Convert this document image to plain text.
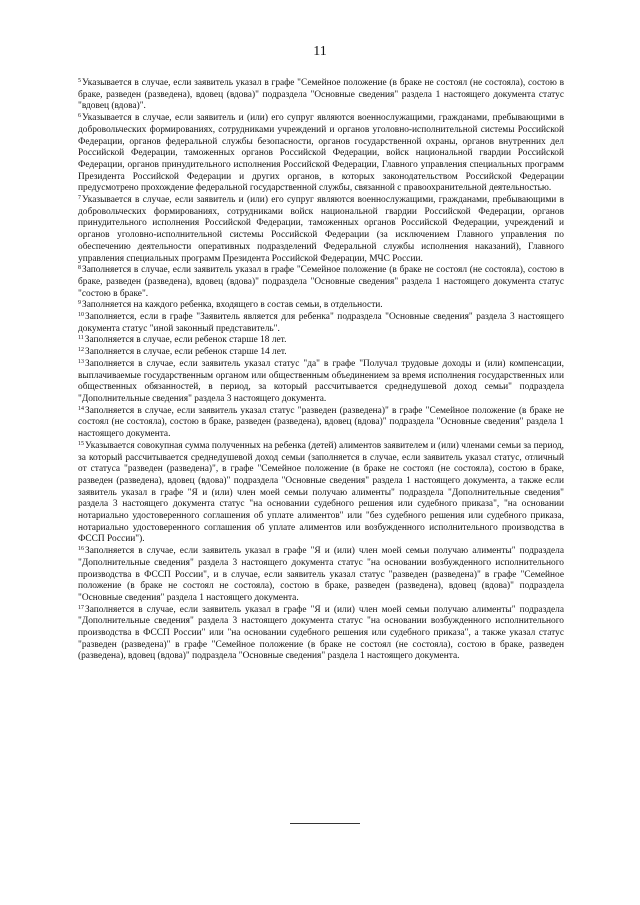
11

$^5$Указывается в случае, если заявитель указал в графе "Семейное положение (в браке не состоял (не состояла), состою в браке, разведен (разведена), вдовец (вдова)" подраздела "Основные сведения" раздела 1 настоящего документа статус "вдовец (вдова)".

$^6$Указывается в случае, если заявитель и (или) его супруг являются военнослужащими, гражданами, пребывающими в добровольческих формированиях, сотрудниками учреждений и органов уголовно-исполнительной системы Российской Федерации, органов федеральной службы безопасности, органов государственной охраны, органов внутренних дел Российской Федерации, таможенных органов Российской Федерации, войск национальной гвардии Российской Федерации, органов принудительного исполнения Российской Федерации, Главного управления специальных программ Президента Российской Федерации и других органов, в которых законодательством Российской Федерации предусмотрено прохождение федеральной государственной службы, связанной с правоохранительной деятельностью.

$^7$Указывается в случае, если заявитель и (или) его супруг являются военнослужащими, гражданами, пребывающими в добровольческих формированиях, сотрудниками войск национальной гвардии Российской Федерации, органов принудительного исполнения Российской Федерации, таможенных органов Российской Федерации, учреждений и органов уголовно-исполнительной системы Российской Федерации (за исключением Главного управления по обеспечению деятельности оперативных подразделений Федеральной службы исполнения наказаний), Главного управления специальных программ Президента Российской Федерации, МЧС России.

$^8$Заполняется в случае, если заявитель указал в графе "Семейное положение (в браке не состоял (не состояла), состою в браке, разведен (разведена), вдовец (вдова)" подраздела "Основные сведения" раздела 1 настоящего документа статус "состою в браке".

$^9$Заполняется на каждого ребенка, входящего в состав семьи, в отдельности.

$^{10}$Заполняется, если в графе "Заявитель является для ребенка" подраздела "Основные сведения" раздела 3 настоящего документа статус "иной законный представитель".

$^{11}$Заполняется в случае, если ребенок старше 18 лет.

$^{12}$Заполняется в случае, если ребенок старше 14 лет.

$^{13}$Заполняется в случае, если заявитель указал статус "да" в графе "Получал трудовые доходы и (или) компенсации, выплачиваемые государственным органом или общественным объединением за время исполнения государственных или общественных обязанностей, в период, за который рассчитывается среднедушевой доход семьи" подраздела "Дополнительные сведения" раздела 3 настоящего документа.

$^{14}$Заполняется в случае, если заявитель указал статус "разведен (разведена)" в графе "Семейное положение (в браке не состоял (не состояла), состою в браке, разведен (разведена), вдовец (вдова)" подраздела "Основные сведения" раздела 1 настоящего документа.

$^{15}$Указывается совокупная сумма полученных на ребенка (детей) алиментов заявителем и (или) членами семьи за период, за который рассчитывается среднедушевой доход семьи (заполняется в случае, если заявитель указал статус, отличный от статуса "разведен (разведена)", в графе "Семейное положение (в браке не состоял (не состояла), состою в браке, разведен (разведена), вдовец (вдова)" подраздела "Основные сведения" раздела 1 настоящего документа, а также если заявитель указал в графе "Я и (или) член моей семьи получаю алименты" подраздела "Дополнительные сведения" раздела 3 настоящего документа статус "на основании судебного решения или судебного приказа", "на основании нотариально удостоверенного соглашения об уплате алиментов" или "без судебного решения или судебного приказа, нотариально удостоверенного соглашения об уплате алиментов или возбужденного исполнительного производства в ФССП России").

$^{16}$Заполняется в случае, если заявитель указал в графе "Я и (или) член моей семьи получаю алименты" подраздела "Дополнительные сведения" раздела 3 настоящего документа статус "на основании возбужденного исполнительного производства в ФССП России", и в случае, если заявитель указал статус "разведен (разведена)" в графе "Семейное положение (в браке не состоял не состояла), состою в браке, разведен (разведена), вдовец (вдова)" подраздела "Основные сведения" раздела 1 настоящего документа.

$^{17}$Заполняется в случае, если заявитель указал в графе "Я и (или) член моей семьи получаю алименты" подраздела "Дополнительные сведения" раздела 3 настоящего документа статус "на основании возбужденного исполнительного производства в ФССП России" или "на основании судебного решения или судебного приказа", а также указал статус "разведен (разведена)" в графе "Семейное положение (в браке не состоял (не состояла), состою в браке, разведен (разведена), вдовец (вдова)" подраздела "Основные сведения" раздела 1 настоящего документа.
